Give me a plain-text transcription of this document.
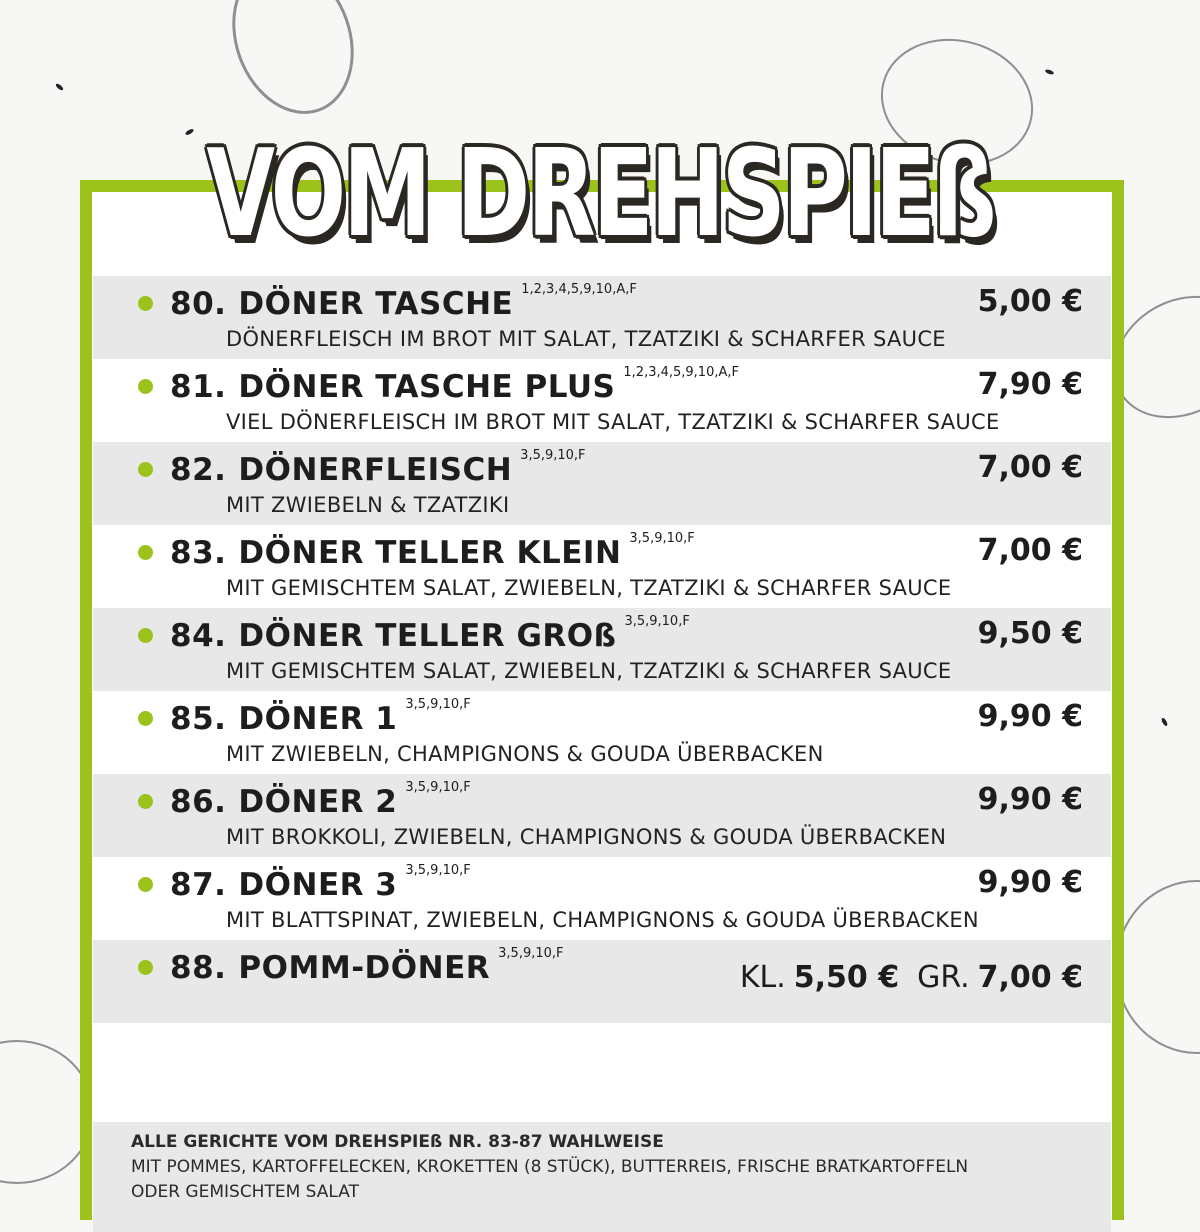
VOM DREHSPIEß
80. DÖNER TASCHE $^{1,2,3,4,5,9,10,A,F}$
DÖNERFLEISCH IM BROT MIT SALAT, TZATZIKI & SCHARFER SAUCE
5,00 €
81. DÖNER TASCHE PLUS $^{1,2,3,4,5,9,10,A,F}$
VIEL DÖNERFLEISCH IM BROT MIT SALAT, TZATZIKI & SCHARFER SAUCE
7,90 €
82. DÖNERFLEISCH $^{3,5,9,10,F}$
MIT ZWIEBELN & TZATZIKI
7,00 €
83. DÖNER TELLER KLEIN $^{3,5,9,10,F}$
MIT GEMISCHTEM SALAT, ZWIEBELN, TZATZIKI & SCHARFER SAUCE
7,00 €
84. DÖNER TELLER GROß $^{3,5,9,10,F}$
MIT GEMISCHTEM SALAT, ZWIEBELN, TZATZIKI & SCHARFER SAUCE
9,50 €
85. DÖNER 1 $^{3,5,9,10,F}$
MIT ZWIEBELN, CHAMPIGNONS & GOUDA ÜBERBACKEN
9,90 €
86. DÖNER 2 $^{3,5,9,10,F}$
MIT BROKKOLI, ZWIEBELN, CHAMPIGNONS & GOUDA ÜBERBACKEN
9,90 €
87. DÖNER 3 $^{3,5,9,10,F}$
MIT BLATTSPINAT, ZWIEBELN, CHAMPIGNONS & GOUDA ÜBERBACKEN
9,90 €
88. POMM-DÖNER $^{3,5,9,10,F}$
KL. 5,50 € GR. 7,00 €
ALLE GERICHTE VOM DREHSPIEß NR. 83-87 WAHLWEISE
MIT POMMES, KARTOFFELECKEN, KROKETTEN (8 STÜCK), BUTTERREIS, FRISCHE BRATKARTOFFELN
ODER GEMISCHTEM SALAT
